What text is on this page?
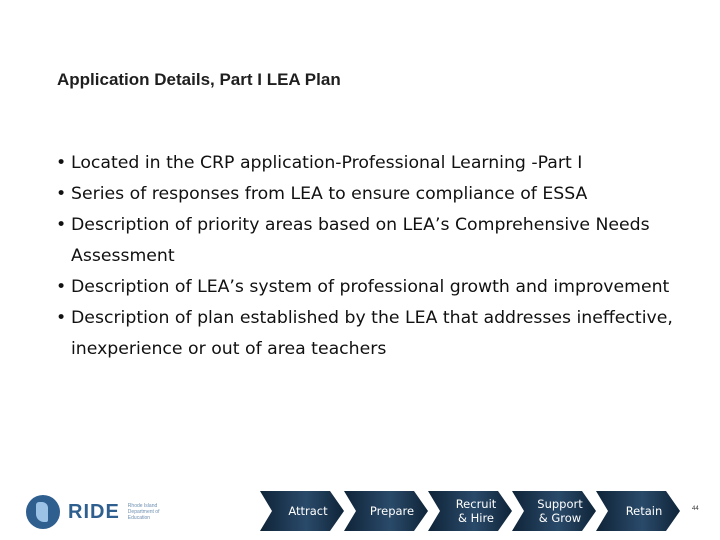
Application Details, Part I LEA Plan
• Located in the CRP application-Professional Learning -Part I
• Series of responses from LEA to ensure compliance of ESSA
• Description of priority areas based on LEA’s Comprehensive Needs Assessment
• Description of LEA’s system of professional growth and improvement
• Description of plan established by the LEA that addresses ineffective, inexperience or out of area teachers
RIDE Rhode Island Department of Education	Attract	Prepare	Recruit
& Hire
Support
& Grow	Retain	44
